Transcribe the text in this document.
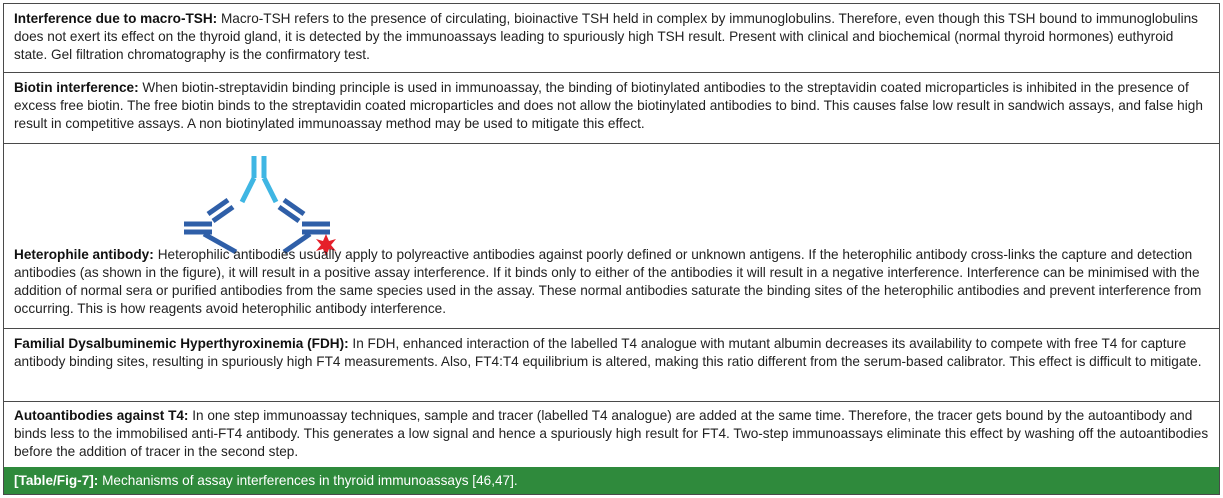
Interference due to macro-TSH: Macro-TSH refers to the presence of circulating, bioinactive TSH held in complex by immunoglobulins. Therefore, even though this TSH bound to immunoglobulins does not exert its effect on the thyroid gland, it is detected by the immunoassays leading to spuriously high TSH result. Present with clinical and biochemical (normal thyroid hormones) euthyroid state. Gel filtration chromatography is the confirmatory test.
Biotin interference: When biotin-streptavidin binding principle is used in immunoassay, the binding of biotinylated antibodies to the streptavidin coated microparticles is inhibited in the presence of excess free biotin. The free biotin binds to the streptavidin coated microparticles and does not allow the biotinylated antibodies to bind. This causes false low result in sandwich assays, and false high result in competitive assays. A non biotinylated immunoassay method may be used to mitigate this effect.
Heterophile antibody: Heterophilic antibodies usually apply to polyreactive antibodies against poorly defined or unknown antigens. If the heterophilic antibody cross-links the capture and detection antibodies (as shown in the figure), it will result in a positive assay interference. If it binds only to either of the antibodies it will result in a negative interference. Interference can be minimised with the addition of normal sera or purified antibodies from the same species used in the assay. These normal antibodies saturate the binding sites of the heterophilic antibodies and prevent interference from occurring. This is how reagents avoid heterophilic antibody interference.
Familial Dysalbuminemic Hyperthyroxinemia (FDH): In FDH, enhanced interaction of the labelled T4 analogue with mutant albumin decreases its availability to compete with free T4 for capture antibody binding sites, resulting in spuriously high FT4 measurements. Also, FT4:T4 equilibrium is altered, making this ratio different from the serum-based calibrator. This effect is difficult to mitigate.
Autoantibodies against T4: In one step immunoassay techniques, sample and tracer (labelled T4 analogue) are added at the same time. Therefore, the tracer gets bound by the autoantibody and binds less to the immobilised anti-FT4 antibody. This generates a low signal and hence a spuriously high result for FT4. Two-step immunoassays eliminate this effect by washing off the autoantibodies before the addition of tracer in the second step.
[Table/Fig-7]: Mechanisms of assay interferences in thyroid immunoassays [46,47].
